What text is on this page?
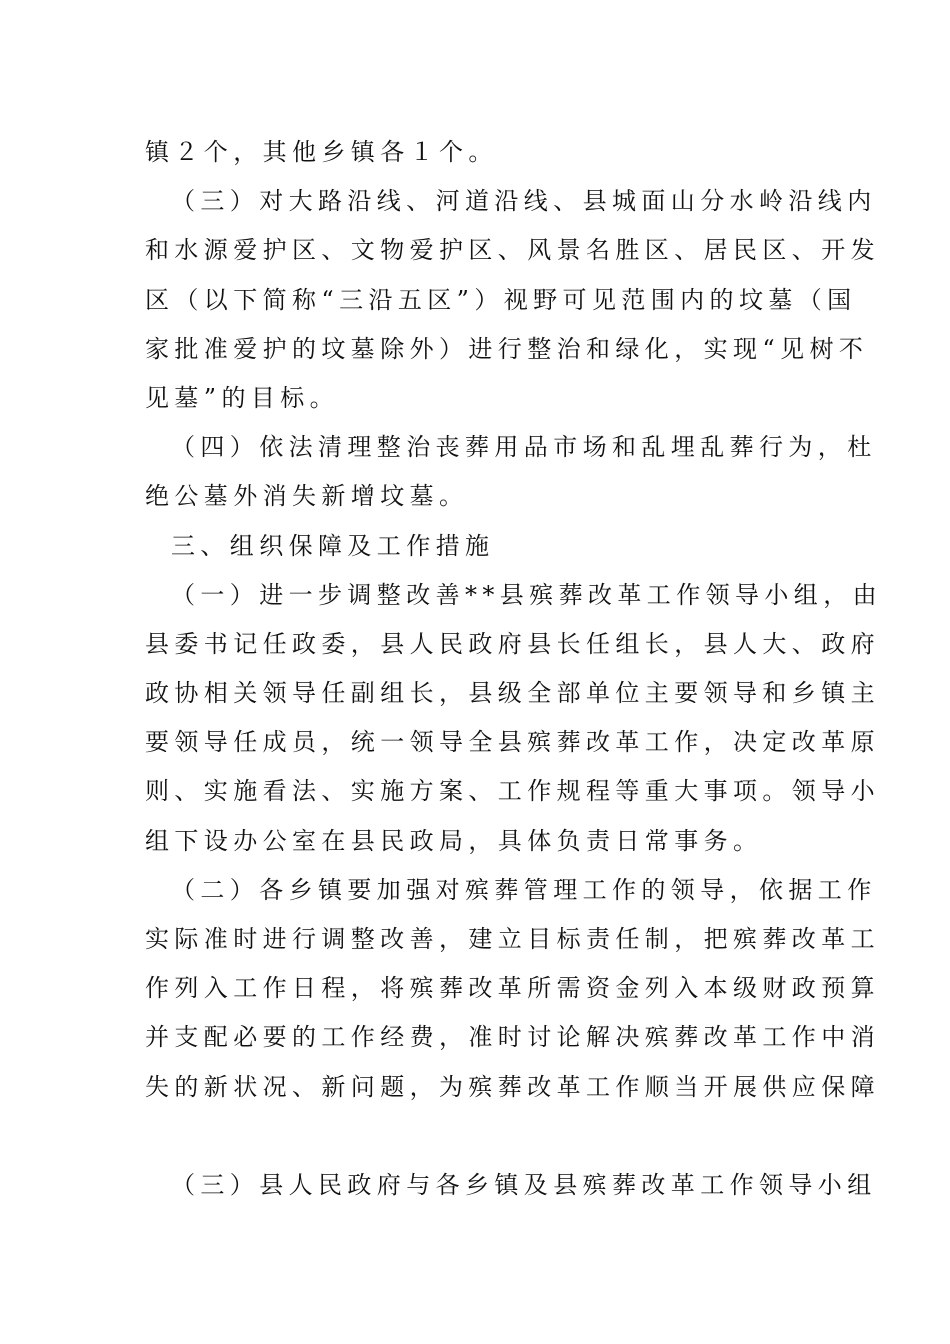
镇２个，其他乡镇各１个。
（三）对大路沿线、河道沿线、县城面山分水岭沿线内
和水源爱护区、文物爱护区、风景名胜区、居民区、开发
区（以下简称“三沿五区”）视野可见范围内的坟墓（国
家批准爱护的坟墓除外）进行整治和绿化，实现“见树不
见墓”的目标。
（四）依法清理整治丧葬用品市场和乱埋乱葬行为，杜
绝公墓外消失新增坟墓。
三、组织保障及工作措施
（一）进一步调整改善**县殡葬改革工作领导小组，由
县委书记任政委，县人民政府县长任组长，县人大、政府
政协相关领导任副组长，县级全部单位主要领导和乡镇主
要领导任成员，统一领导全县殡葬改革工作，决定改革原
则、实施看法、实施方案、工作规程等重大事项。领导小
组下设办公室在县民政局，具体负责日常事务。
（二）各乡镇要加强对殡葬管理工作的领导，依据工作
实际准时进行调整改善，建立目标责任制，把殡葬改革工
作列入工作日程，将殡葬改革所需资金列入本级财政预算
并支配必要的工作经费，准时讨论解决殡葬改革工作中消
失的新状况、新问题，为殡葬改革工作顺当开展供应保障
（三）县人民政府与各乡镇及县殡葬改革工作领导小组
